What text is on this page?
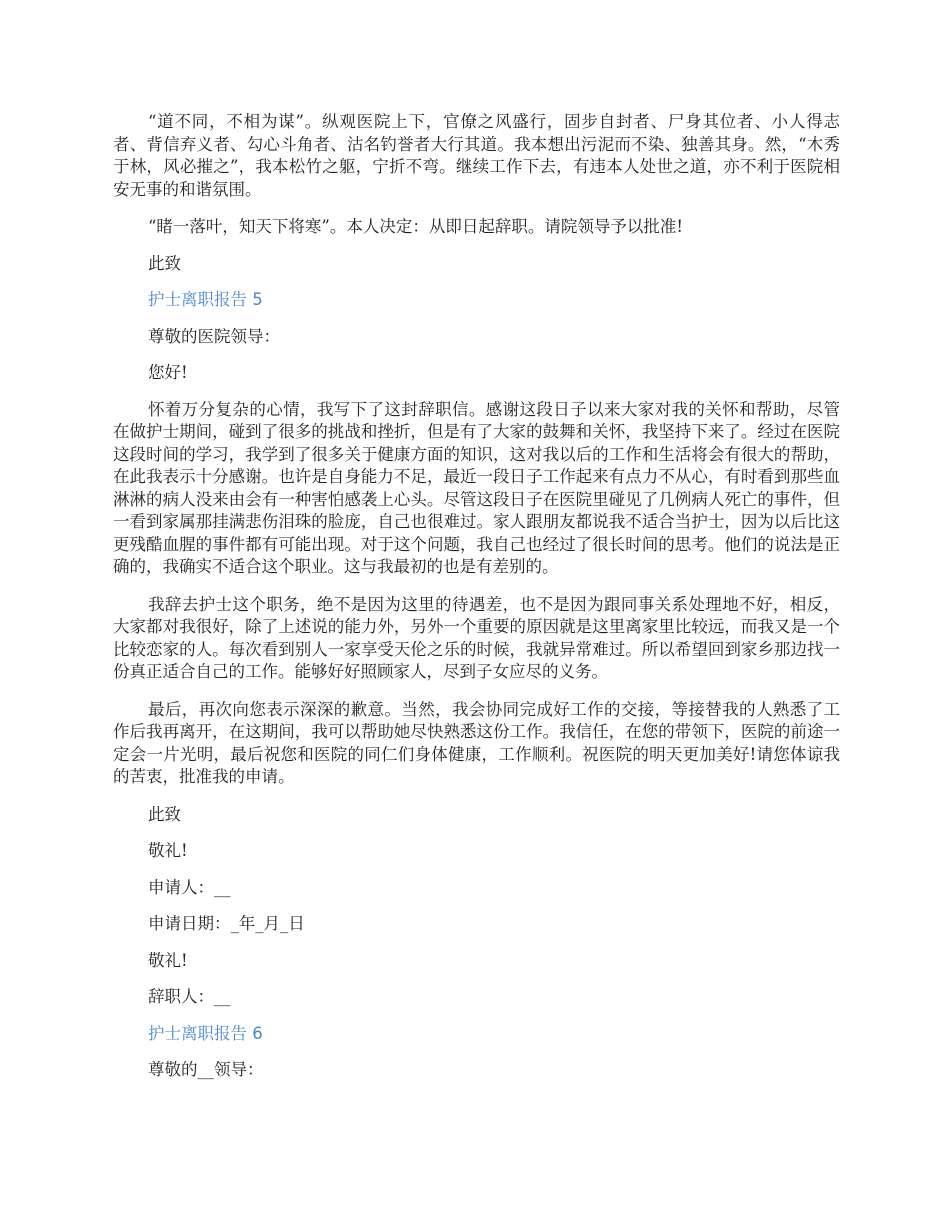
“道不同，不相为谋”。纵观医院上下，官僚之风盛行，固步自封者、尸身其位者、小人得志者、背信弃义者、勾心斗角者、沽名钓誉者大行其道。我本想出污泥而不染、独善其身。然，“木秀于林，风必摧之”，我本松竹之躯，宁折不弯。继续工作下去，有违本人处世之道，亦不利于医院相安无事的和谐氛围。

“睹一落叶，知天下将寒”。本人决定：从即日起辞职。请院领导予以批准!

此致

护士离职报告 5

尊敬的医院领导：

您好!

怀着万分复杂的心情，我写下了这封辞职信。感谢这段日子以来大家对我的关怀和帮助，尽管在做护士期间，碰到了很多的挑战和挫折，但是有了大家的鼓舞和关怀，我坚持下来了。经过在医院这段时间的学习，我学到了很多关于健康方面的知识，这对我以后的工作和生活将会有很大的帮助，在此我表示十分感谢。也许是自身能力不足，最近一段日子工作起来有点力不从心，有时看到那些血淋淋的病人没来由会有一种害怕感袭上心头。尽管这段日子在医院里碰见了几例病人死亡的事件，但一看到家属那挂满悲伤泪珠的脸庞，自己也很难过。家人跟朋友都说我不适合当护士，因为以后比这更残酷血腥的事件都有可能出现。对于这个问题，我自己也经过了很长时间的思考。他们的说法是正确的，我确实不适合这个职业。这与我最初的也是有差别的。

我辞去护士这个职务，绝不是因为这里的待遇差，也不是因为跟同事关系处理地不好，相反，大家都对我很好，除了上述说的能力外，另外一个重要的原因就是这里离家里比较远，而我又是一个比较恋家的人。每次看到别人一家享受天伦之乐的时候，我就异常难过。所以希望回到家乡那边找一份真正适合自己的工作。能够好好照顾家人，尽到子女应尽的义务。

最后，再次向您表示深深的歉意。当然，我会协同完成好工作的交接，等接替我的人熟悉了工作后我再离开，在这期间，我可以帮助她尽快熟悉这份工作。我信任，在您的带领下，医院的前途一定会一片光明，最后祝您和医院的同仁们身体健康，工作顺利。祝医院的明天更加美好!请您体谅我的苦衷，批准我的申请。

此致

敬礼!

申请人：__

申请日期：_年_月_日

敬礼!

辞职人：__

护士离职报告 6

尊敬的__领导：
